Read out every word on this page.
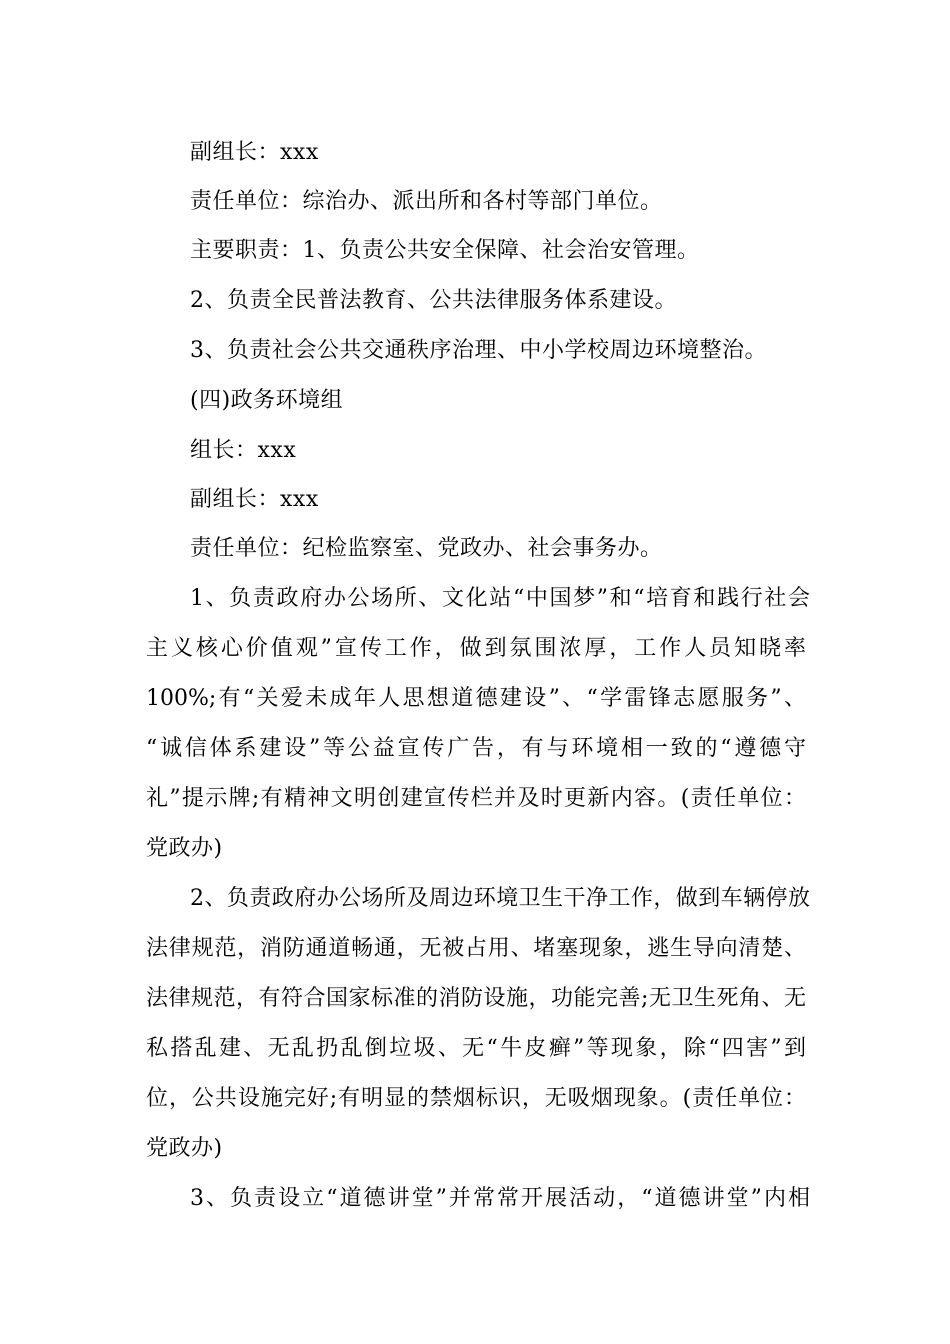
副组长：xxx
责任单位：综治办、派出所和各村等部门单位。
主要职责：1、负责公共安全保障、社会治安管理。
2、负责全民普法教育、公共法律服务体系建设。
3、负责社会公共交通秩序治理、中小学校周边环境整治。
(四)政务环境组
组长：xxx
副组长：xxx
责任单位：纪检监察室、党政办、社会事务办。
1、负责政府办公场所、文化站“中国梦”和“培育和践行社会
主义核心价值观”宣传工作，做到氛围浓厚，工作人员知晓率
100%;有“关爱未成年人思想道德建设”、“学雷锋志愿服务”、
“诚信体系建设”等公益宣传广告，有与环境相一致的“遵德守
礼”提示牌;有精神文明创建宣传栏并及时更新内容。(责任单位：
党政办)
2、负责政府办公场所及周边环境卫生干净工作，做到车辆停放
法律规范，消防通道畅通，无被占用、堵塞现象，逃生导向清楚、
法律规范，有符合国家标准的消防设施，功能完善;无卫生死角、无
私搭乱建、无乱扔乱倒垃圾、无“牛皮癣”等现象，除“四害”到
位，公共设施完好;有明显的禁烟标识，无吸烟现象。(责任单位：
党政办)
3、负责设立“道德讲堂”并常常开展活动，“道德讲堂”内相
